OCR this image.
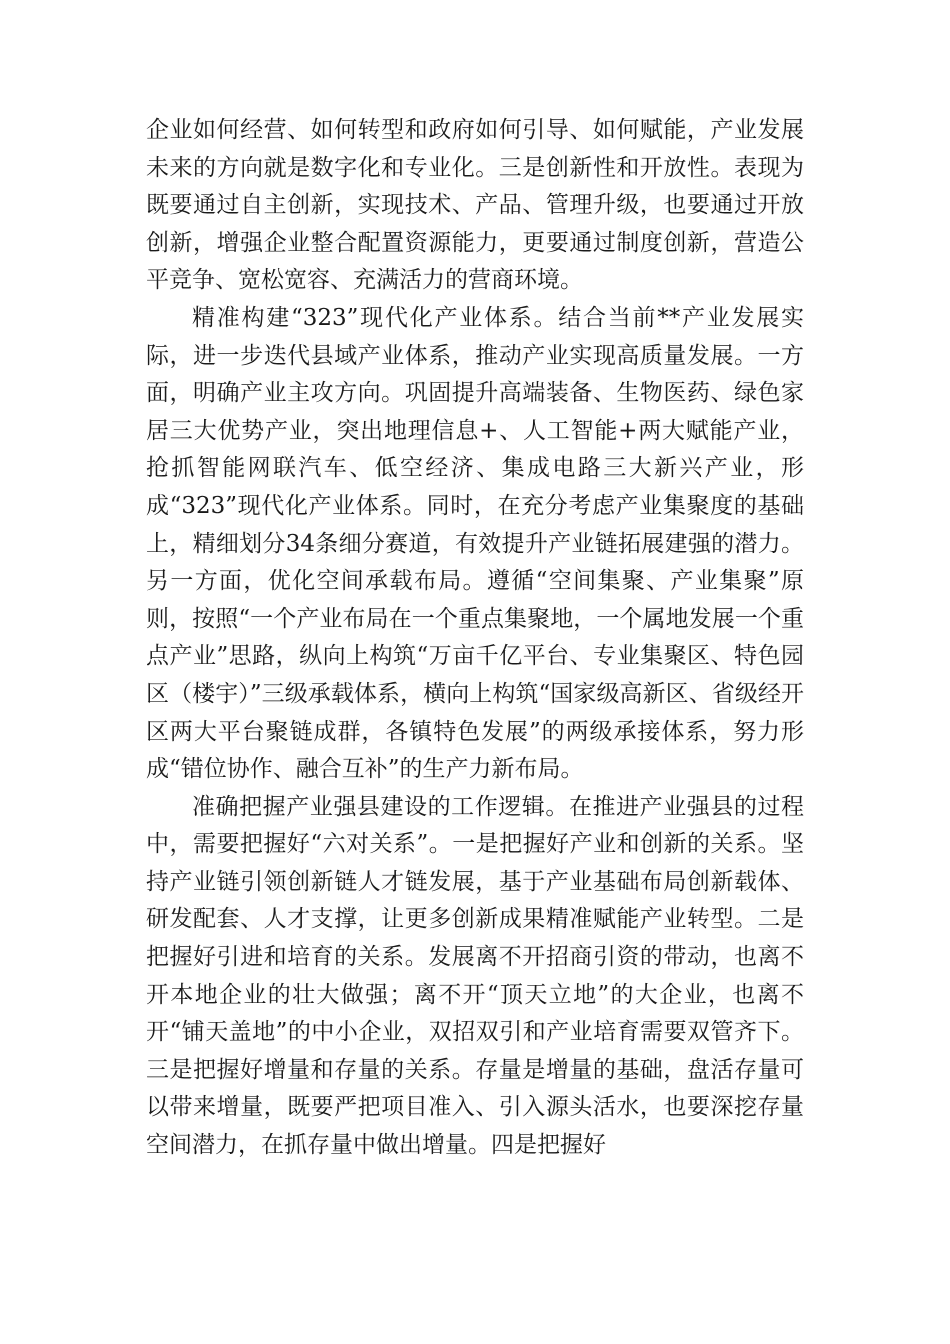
企业如何经营、如何转型和政府如何引导、如何赋能，产业发展未来的方向就是数字化和专业化。三是创新性和开放性。表现为既要通过自主创新，实现技术、产品、管理升级，也要通过开放创新，增强企业整合配置资源能力，更要通过制度创新，营造公平竞争、宽松宽容、充满活力的营商环境。

精准构建“323”现代化产业体系。结合当前**产业发展实际，进一步迭代县域产业体系，推动产业实现高质量发展。一方面，明确产业主攻方向。巩固提升高端装备、生物医药、绿色家居三大优势产业，突出地理信息+、人工智能+两大赋能产业，抢抓智能网联汽车、低空经济、集成电路三大新兴产业，形成“323”现代化产业体系。同时，在充分考虑产业集聚度的基础上，精细划分34条细分赛道，有效提升产业链拓展建强的潜力。另一方面，优化空间承载布局。遵循“空间集聚、产业集聚”原则，按照“一个产业布局在一个重点集聚地，一个属地发展一个重点产业”思路，纵向上构筑“万亩千亿平台、专业集聚区、特色园区（楼宇）”三级承载体系，横向上构筑“国家级高新区、省级经开区两大平台聚链成群，各镇特色发展”的两级承接体系，努力形成“错位协作、融合互补”的生产力新布局。

准确把握产业强县建设的工作逻辑。在推进产业强县的过程中，需要把握好“六对关系”。一是把握好产业和创新的关系。坚持产业链引领创新链人才链发展，基于产业基础布局创新载体、研发配套、人才支撑，让更多创新成果精准赋能产业转型。二是把握好引进和培育的关系。发展离不开招商引资的带动，也离不开本地企业的壮大做强；离不开“顶天立地”的大企业，也离不开“铺天盖地”的中小企业，双招双引和产业培育需要双管齐下。三是把握好增量和存量的关系。存量是增量的基础，盘活存量可以带来增量，既要严把项目准入、引入源头活水，也要深挖存量空间潜力，在抓存量中做出增量。四是把握好
